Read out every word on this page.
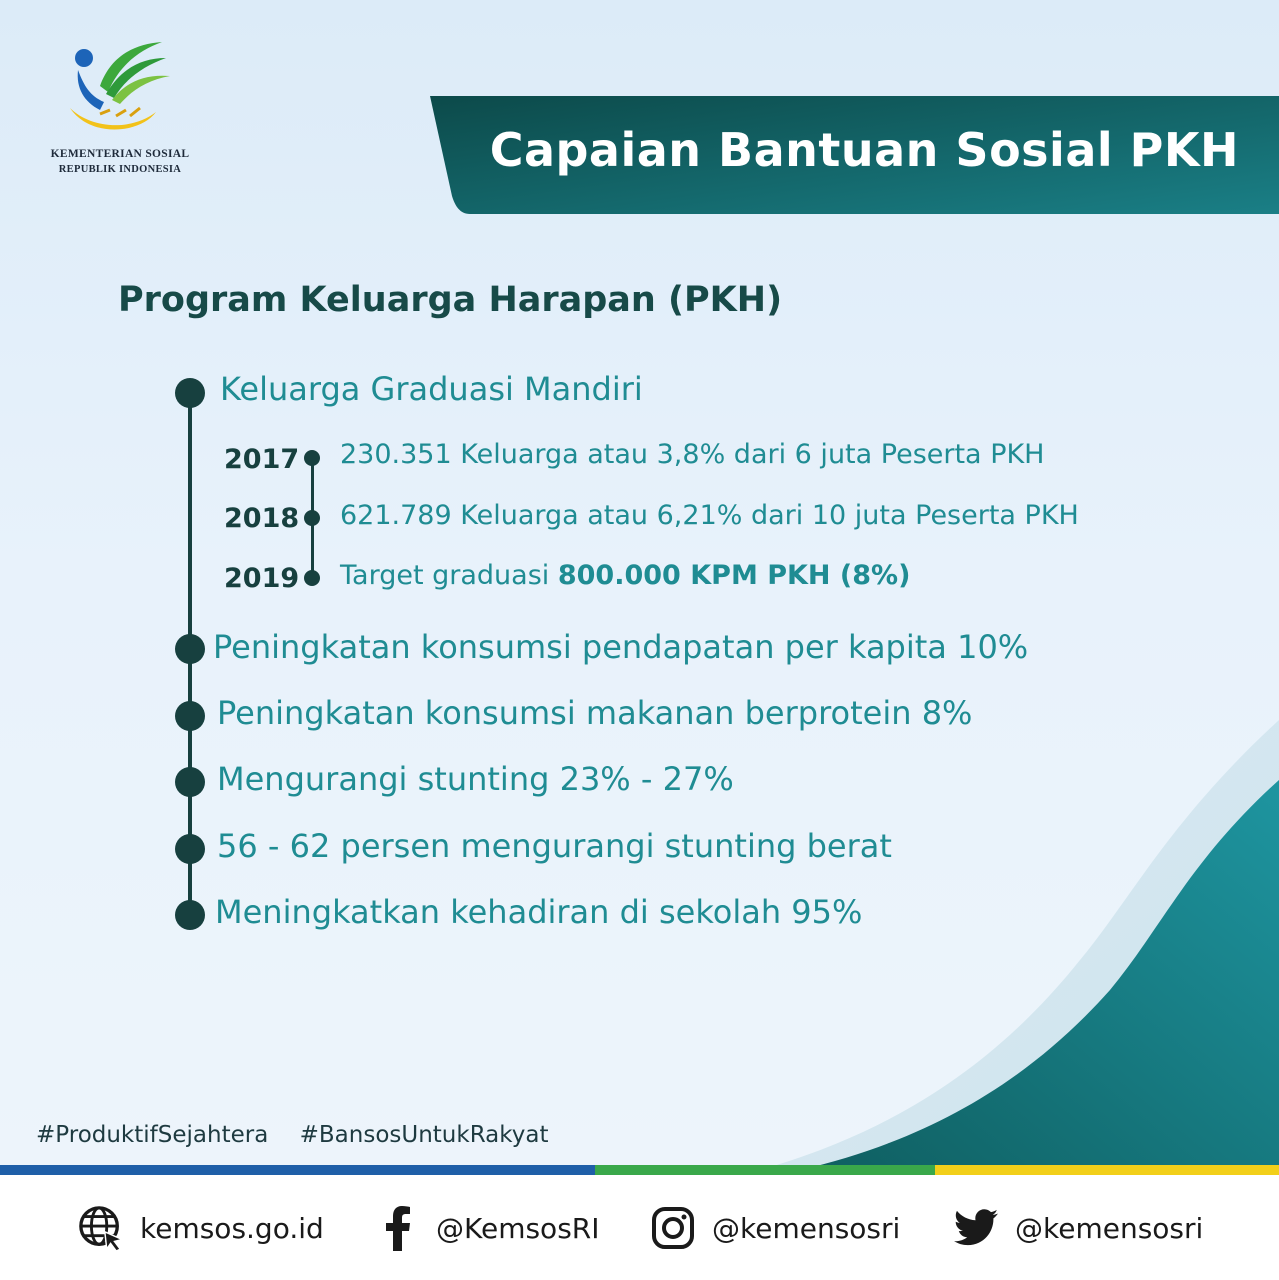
KEMENTERIAN SOSIAL
REPUBLIK INDONESIA	Capaian Bantuan Sosial PKH
Program Keluarga Harapan (PKH)
Keluarga Graduasi Mandiri
2017 230.351 Keluarga atau 3,8% dari 6 juta Peserta PKH
2018 621.789 Keluarga atau 6,21% dari 10 juta Peserta PKH
2019 Target graduasi 800.000 KPM PKH (8%)
Peningkatan konsumsi pendapatan per kapita 10%
Peningkatan konsumsi makanan berprotein 8%
Mengurangi stunting 23% - 27%
56 - 62 persen mengurangi stunting berat
Meningkatkan kehadiran di sekolah 95%
#ProduktifSejahtera #BansosUntukRakyat
kemsos.go.id	@KemsosRI	@kemensosri	@kemensosri
